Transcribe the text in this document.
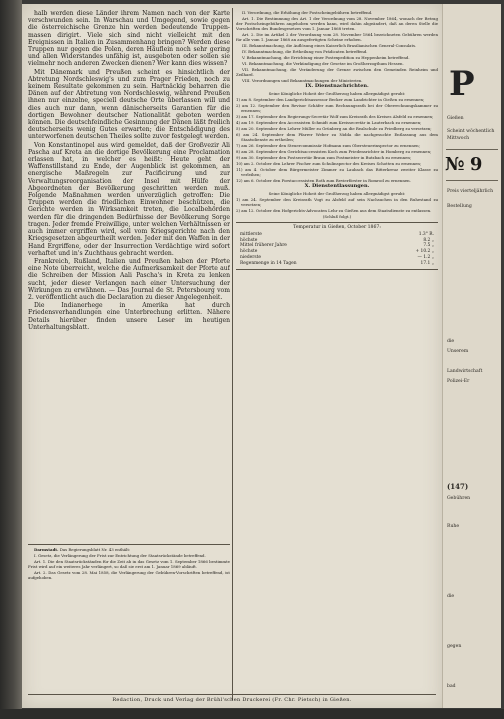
halb werden diese Länder ihrem Namen nach von der Karte verschwunden sein. In Warschau und Umgegend, sowie gegen die österreichische Grenze hin werden bedeutende Truppen-massen dirigirt. Viele sich sind nicht vielleicht mit den Ereignissen in Italien in Zusammenhang bringen? Werden diese Truppen nur gegen die Polen, deren Häuflein noch sehr gering und allen Widerstandes unfähig ist, ausgeboten oder sollen sie vielmehr noch anderen Zwecken dienen? Wer kann dies wissen?

Mit Dänemark und Preußen scheint es hinsichtlich der Abtretung Nordschleswig's und zum Prager Frieden, noch zu keinem Resultate gekommen zu sein. Hartnäckig beharren die Dänen auf der Abtretung von Nordschleswig, während Preußen ihnen nur einzelne, speciell deutsche Orte überlassen will und dies auch nur dann, wenn dänischerseits Garantien für die dortigen Bewohner deutscher Nationalität geboten werden können. Die deutschfeindliche Gesinnung der Dänen läßt freilich deutscherseits wenig Gutes erwarten; die Entschädigung des unterworfenen deutschen Theiles sollte zuvor festgelegt werden.

Von Konstantinopel aus wird gemeldet, daß der Großvezir Ali Pascha auf Kreta an die dortige Bevölkerung eine Proclamation erlassen hat, in welcher es heißt: Heute geht der Waffenstillstand zu Ende, der Augenblick ist gekommen, an energische Maßregeln zur Pacificirung und zur Verwaltungsreorganisation der Insel mit Hülfe der Abgeordneten der Bevölkerung geschritten werden muß. Folgende Maßnahmen werden unverzüglich getroffen: Die Truppen werden die friedlichen Einwohner beschützen, die Gerichte werden in Wirksamkeit treten, die Localbehörden werden für die dringenden Bedürfnisse der Bevölkerung Sorge tragen. Jeder fremde Freiwillige, unter welchen Verhältnissen er auch immer ergriffen wird, soll vom Kriegsgerichte nach den Kriegsgesetzen abgeurtheilt werden. Jeder mit den Waffen in der Hand Ergriffene, oder der Insurrection Verdächtige wird sofort verhaftet und in's Zuchthaus gebracht werden.

Frankreich, Rußland, Italien und Preußen haben der Pforte eine Note überreicht, welche die Aufmerksamkeit der Pforte auf die Schreiben der Mission Aali Pascha's in Kreta zu lenken sucht, jeder dieser Verlangen nach einer Untersuchung der Wirkungen zu erwähnen. — Das Journal de St. Petersbourg vom 2. veröffentlicht auch die Declaration zu dieser Angelegenheit.

Die Indianerhege in Amerika hat durch Friedensverhandlungen eine Unterbrechung erlitten. Nähere Details hierüber finden unsere Leser im heutigen Unterhaltungsblatt.

Darmstadt. Das Regierungsblatt Nr. 43 enthält:

I. Gesetz, die Verlängerung der Frist zur Entrichtung der Staatsrückstände betreffend.

Art. 1. Die den Staatsrückständen für die Zeit ab in das Gesetz vom 1. September 1866 bestimmte Frist wird auf ein weiteres Jahr verlängert, so daß sie erst am 1. Januar 1869 abläuft.

Art. 2. Das Gesetz vom 28. Mai 1858, die Verlängerung der Gebühren-Vorschriften betreffend, ist aufgehoben.

II. Verordnung, die Erhöhung der Postscheingebühren betreffend.

Art. 1. Die Bestimmung des Art. 1 der Verordnung vom 28. November 1864, wonach der Betrag der Postscheingebühren angehoben werden kann, wird dahin abgeändert, daß an deren Stelle die Vorschriften des Bundesgesetzes vom 1. Januar 1868 treten.

Art. 2. Die im Artikel 2 der Verordnung vom 28. November 1864 bezeichneten Gebühren werden für alle vom 1. Januar 1868 an ausgefertigten Scheine erhoben.

III. Bekanntmachung, die Auflösung eines Kaiserlich Brasilianischen General-Consulats.

IV. Bekanntmachung, die Ertheilung von Prädicaten betreffend.

V. Bekanntmachung, die Errichtung einer Postexpedition zu Heppenheim betreffend.

VI. Bekanntmachung, die Verkündigung der Gesetze im Großherzogthum Hessen.

VII. Bekanntmachung, die Veränderung der Grenze zwischen den Gemeinden Reinheim und Zeilhard.

VIII. Verordnungen und Bekanntmachungen der Ministerien.

IX. Dienstnachrichten.

Seine Königliche Hoheit der Großherzog haben allergnädigst geruht:

1) am 8. September den Landgerichtsassessor Becker zum Landrichter in Gießen zu ernennen;

2) am 12. September den Revisor Schäfer zum Rechnungsrath bei der Oberrechnungskammer zu ernennen;

3) am 17. September den Regierungs-Secretär Wolf zum Kreisrath des Kreises Alsfeld zu ernennen;

4) am 19. September den Accessisten Schmidt zum Kreissecretär in Lauterbach zu ernennen;

5) am 20. September den Lehrer Müller zu Grünberg an die Realschule zu Friedberg zu versetzen;

6) am 24. September dem Pfarrer Weber zu Nidda die nachgesuchte Entlassung aus dem Staatsdienste zu ertheilen;

7) am 26. September den Steuercommissär Hofmann zum Obersteuerinspector zu ernennen;

8) am 28. September den Gerichtsaccessisten Koch zum Friedensrichter in Homberg zu ernennen;

9) am 30. September den Postsecretär Braun zum Postmeister in Butzbach zu ernennen;

10) am 2. October den Lehrer Fischer zum Schulinspector des Kreises Schotten zu ernennen;

11) am 4. October dem Bürgermeister Zimmer zu Laubach das Ritterkreuz zweiter Klasse zu verleihen;

12) am 6. October den Forstaccessisten Roth zum Revierförster in Romrod zu ernennen.

X. Dienstentlassungen.

Seine Königliche Hoheit der Großherzog haben allergnädigst geruht:

1) am 24. September den Kreisrath Vogt zu Alsfeld auf sein Nachsuchen in den Ruhestand zu versetzen;

2) am 12. October den Hofgerichts-Advocaten Lehr zu Gießen aus dem Staatsdienste zu entlassen.

(Schluß folgt.)

Temperatur in Gießen, October 1867:
mittlerste	1.3° R.
höchste	8.2 „
Mittel früherer Jahre	7.5 „
höchste	+ 10.2 „
niederste	— 1.2 „
Regenmenge in 14 Tagen	17.1 „
Redaction, Druck und Verlag der Brühl'schen Druckerei (Fr. Chr. Pietsch) in Gießen.
P
Gießen
Scheint wöchentlich
Mittwoch
№ 9
Preis vierteljährlich
Bestellung
die
Unserem
Landwirtschaft
Polizei-Er
(147)
Gebühren
Ruhe
die
gegen
bad
